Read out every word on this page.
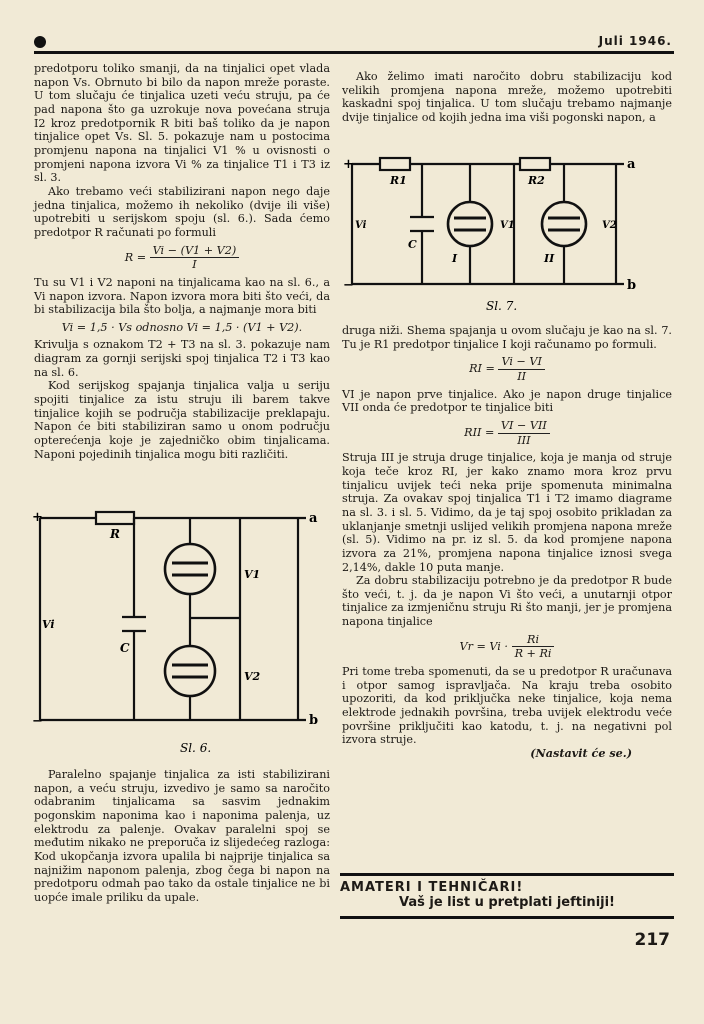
Juli 1946.

predotporu toliko smanji, da na tinjalici opet vlada napon Vs. Obrnuto bi bilo da napon mreže poraste. U tom slučaju će tinjalica uzeti veću struju, pa će pad napona što ga uzrokuje nova povećana struja I2 kroz predotpornik R biti baš toliko da je napon tinjalice opet Vs. Sl. 5. pokazuje nam u postocima promjenu napona na tinjalici V1 % u ovisnosti o promjeni napona izvora Vi % za tinjalice T1 i T3 iz sl. 3.

Ako trebamo veći stabilizirani napon nego daje jedna tinjalica, možemo ih nekoliko (dvije ili više) upotrebiti u serijskom spoju (sl. 6.). Sada ćemo predotpor R računati po formuli

$R = \frac{Vi - (V1 + V2)}{I}$

Tu su V1 i V2 naponi na tinjalicama kao na sl. 6., a Vi napon izvora. Napon izvora mora biti što veći, da bi stabilizacija bila što bolja, a najmanje mora biti

Vi = 1,5 · Vs odnosno Vi = 1,5 · (V1 + V2).

Krivulja s oznakom T2 + T3 na sl. 3. pokazuje nam diagram za gornji serijski spoj tinjalica T2 i T3 kao na sl. 6.

Kod serijskog spajanja tinjalica valja u seriju spojiti tinjalice za istu struju ili barem takve tinjalice kojih se područja stabilizacije preklapaju. Napon će biti stabiliziran samo u onom području opterećenja koje je zajedničko obim tinjalicama. Naponi pojedinih tinjalica mogu biti različiti.

+
−
a
b
R
C
Vi
V1
V2
Sl. 6.

Paralelno spajanje tinjalica za isti stabilizirani napon, a veću struju, izvedivo je samo sa naročito odabranim tinjalicama sa sasvim jednakim pogonskim naponima kao i naponima palenja, uz elektrodu za palenje. Ovakav paralelni spoj se međutim nikako ne preporuča iz slijedećeg razloga: Kod ukopčanja izvora upalila bi najprije tinjalica sa najnižim naponom palenja, zbog čega bi napon na predotporu odmah pao tako da ostale tinjalice ne bi uopće imale priliku da upale.

Ako želimo imati naročito dobru stabilizaciju kod velikih promjena napona mreže, možemo upotrebiti kaskadni spoj tinjalica. U tom slučaju trebamo najmanje dvije tinjalice od kojih jedna ima viši pogonski napon, a

+
−
a
b
R1	R2
C
Vi	V1	V2
I	II
Sl. 7.

druga niži. Shema spajanja u ovom slučaju je kao na sl. 7. Tu je R1 predotpor tinjalice I koji računamo po formuli.

RI = $\frac{Vi - VI}{II}$

VI je napon prve tinjalice. Ako je napon druge tinjalice VII onda će predotpor te tinjalice biti

RII = $\frac{\text{VI − VII}}{\text{III}}$

Struja III je struja druge tinjalice, koja je manja od struje koja teče kroz RI, jer kako znamo mora kroz prvu tinjalicu uvijek teći neka prije spomenuta minimalna struja. Za ovakav spoj tinjalica T1 i T2 imamo diagrame na sl. 3. i sl. 5. Vidimo, da je taj spoj osobito prikladan za uklanjanje smetnji uslijed velikih promjena napona mreže (sl. 5). Vidimo na pr. iz sl. 5. da kod promjene napona izvora za 21%, promjena napona tinjalice iznosi svega 2,14%, dakle 10 puta manje.

Za dobru stabilizaciju potrebno je da predotpor R bude što veći, t. j. da je napon Vi što veći, a unutarnji otpor tinjalice za izmjeničnu struju Ri što manji, jer je promjena napona tinjalice

$Vr = Vi \cdot \frac{Ri}{R + Ri}$

Pri tome treba spomenuti, da se u predotpor R uračunava i otpor samog ispravljača. Na kraju treba osobito upozoriti, da kod priključka neke tinjalice, koja nema elektrode jednakih površina, treba uvijek elektrodu veće površine priključiti kao katodu, t. j. na negativni pol izvora struje.

(Nastavit će se.)

AMATERI I TEHNIČARI!
Vaš je list u pretplati jeftiniji!
217
